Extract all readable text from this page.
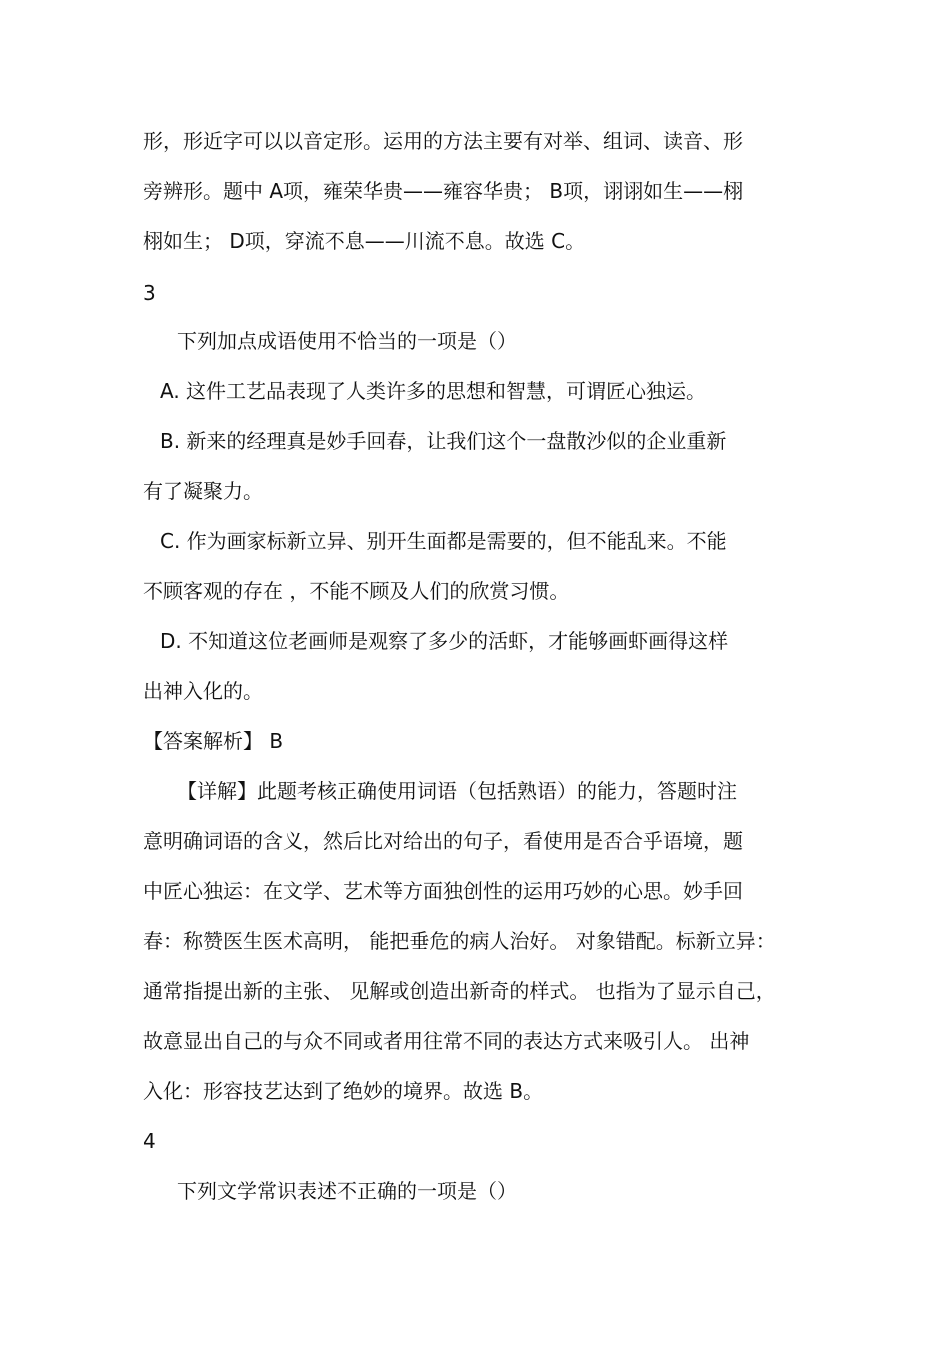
形，形近字可以以音定形。运用的方法主要有对举、组词、读音、形
旁辨形。题中 A项，雍荣华贵——雍容华贵； B项，诩诩如生——栩
栩如生； D项，穿流不息——川流不息。故选 C。
3
下列加点成语使用不恰当的一项是（）
A. 这件工艺品表现了人类许多的思想和智慧，可谓匠心独运。
B. 新来的经理真是妙手回春，让我们这个一盘散沙似的企业重新
有了凝聚力。
C. 作为画家标新立异、别开生面都是需要的，但不能乱来。不能
不顾客观的存在 ，不能不顾及人们的欣赏习惯。
D. 不知道这位老画师是观察了多少的活虾，才能够画虾画得这样
出神入化的。
【答案解析】 B
【详解】此题考核正确使用词语（包括熟语）的能力，答题时注
意明确词语的含义，然后比对给出的句子，看使用是否合乎语境，题
中匠心独运：在文学、艺术等方面独创性的运用巧妙的心思。妙手回
春：称赞医生医术高明， 能把垂危的病人治好。 对象错配。标新立异：
通常指提出新的主张、 见解或创造出新奇的样式。 也指为了显示自己，
故意显出自己的与众不同或者用往常不同的表达方式来吸引人。 出神
入化：形容技艺达到了绝妙的境界。故选 B。
4
下列文学常识表述不正确的一项是（）
